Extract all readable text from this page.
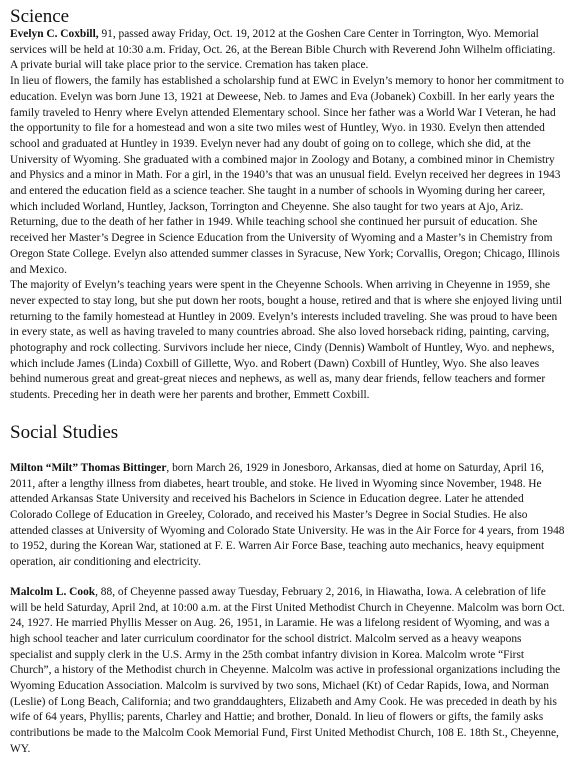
Science

Evelyn C. Coxbill, 91, passed away Friday, Oct. 19, 2012 at the Goshen Care Center in Torrington, Wyo. Memorial services will be held at 10:30 a.m. Friday, Oct. 26, at the Berean Bible Church with Reverend John Wilhelm officiating. A private burial will take place prior to the service. Cremation has taken place.

In lieu of flowers, the family has established a scholarship fund at EWC in Evelyn’s memory to honor her commitment to education. Evelyn was born June 13, 1921 at Deweese, Neb. to James and Eva (Jobanek) Coxbill. In her early years the family traveled to Henry where Evelyn attended Elementary school. Since her father was a World War I Veteran, he had the opportunity to file for a homestead and won a site two miles west of Huntley, Wyo. in 1930. Evelyn then attended school and graduated at Huntley in 1939. Evelyn never had any doubt of going on to college, which she did, at the University of Wyoming. She graduated with a combined major in Zoology and Botany, a combined minor in Chemistry and Physics and a minor in Math. For a girl, in the 1940’s that was an unusual field. Evelyn received her degrees in 1943 and entered the education field as a science teacher. She taught in a number of schools in Wyoming during her career, which included Worland, Huntley, Jackson, Torrington and Cheyenne. She also taught for two years at Ajo, Ariz. Returning, due to the death of her father in 1949. While teaching school she continued her pursuit of education. She received her Master’s Degree in Science Education from the University of Wyoming and a Master’s in Chemistry from Oregon State College. Evelyn also attended summer classes in Syracuse, New York; Corvallis, Oregon; Chicago, Illinois and Mexico.

The majority of Evelyn’s teaching years were spent in the Cheyenne Schools. When arriving in Cheyenne in 1959, she never expected to stay long, but she put down her roots, bought a house, retired and that is where she enjoyed living until returning to the family homestead at Huntley in 2009. Evelyn’s interests included traveling. She was proud to have been in every state, as well as having traveled to many countries abroad. She also loved horseback riding, painting, carving, photography and rock collecting. Survivors include her niece, Cindy (Dennis) Wambolt of Huntley, Wyo. and nephews, which include James (Linda) Coxbill of Gillette, Wyo. and Robert (Dawn) Coxbill of Huntley, Wyo. She also leaves behind numerous great and great-great nieces and nephews, as well as, many dear friends, fellow teachers and former students. Preceding her in death were her parents and brother, Emmett Coxbill.

Social Studies

Milton “Milt” Thomas Bittinger, born March 26, 1929 in Jonesboro, Arkansas, died at home on Saturday, April 16, 2011, after a lengthy illness from diabetes, heart trouble, and stoke. He lived in Wyoming since November, 1948. He attended Arkansas State University and received his Bachelors in Science in Education degree. Later he attended Colorado College of Education in Greeley, Colorado, and received his Master’s Degree in Social Studies. He also attended classes at University of Wyoming and Colorado State University. He was in the Air Force for 4 years, from 1948 to 1952, during the Korean War, stationed at F. E. Warren Air Force Base, teaching auto mechanics, heavy equipment operation, air conditioning and electricity.

Malcolm L. Cook, 88, of Cheyenne passed away Tuesday, February 2, 2016, in Hiawatha, Iowa. A celebration of life will be held Saturday, April 2nd, at 10:00 a.m. at the First United Methodist Church in Cheyenne. Malcolm was born Oct. 24, 1927. He married Phyllis Messer on Aug. 26, 1951, in Laramie. He was a lifelong resident of Wyoming, and was a high school teacher and later curriculum coordinator for the school district. Malcolm served as a heavy weapons specialist and supply clerk in the U.S. Army in the 25th combat infantry division in Korea. Malcolm wrote “First Church”, a history of the Methodist church in Cheyenne. Malcolm was active in professional organizations including the Wyoming Education Association. Malcolm is survived by two sons, Michael (Kt) of Cedar Rapids, Iowa, and Norman (Leslie) of Long Beach, California; and two granddaughters, Elizabeth and Amy Cook. He was preceded in death by his wife of 64 years, Phyllis; parents, Charley and Hattie; and brother, Donald. In lieu of flowers or gifts, the family asks contributions be made to the Malcolm Cook Memorial Fund, First United Methodist Church, 108 E. 18th St., Cheyenne, WY.
